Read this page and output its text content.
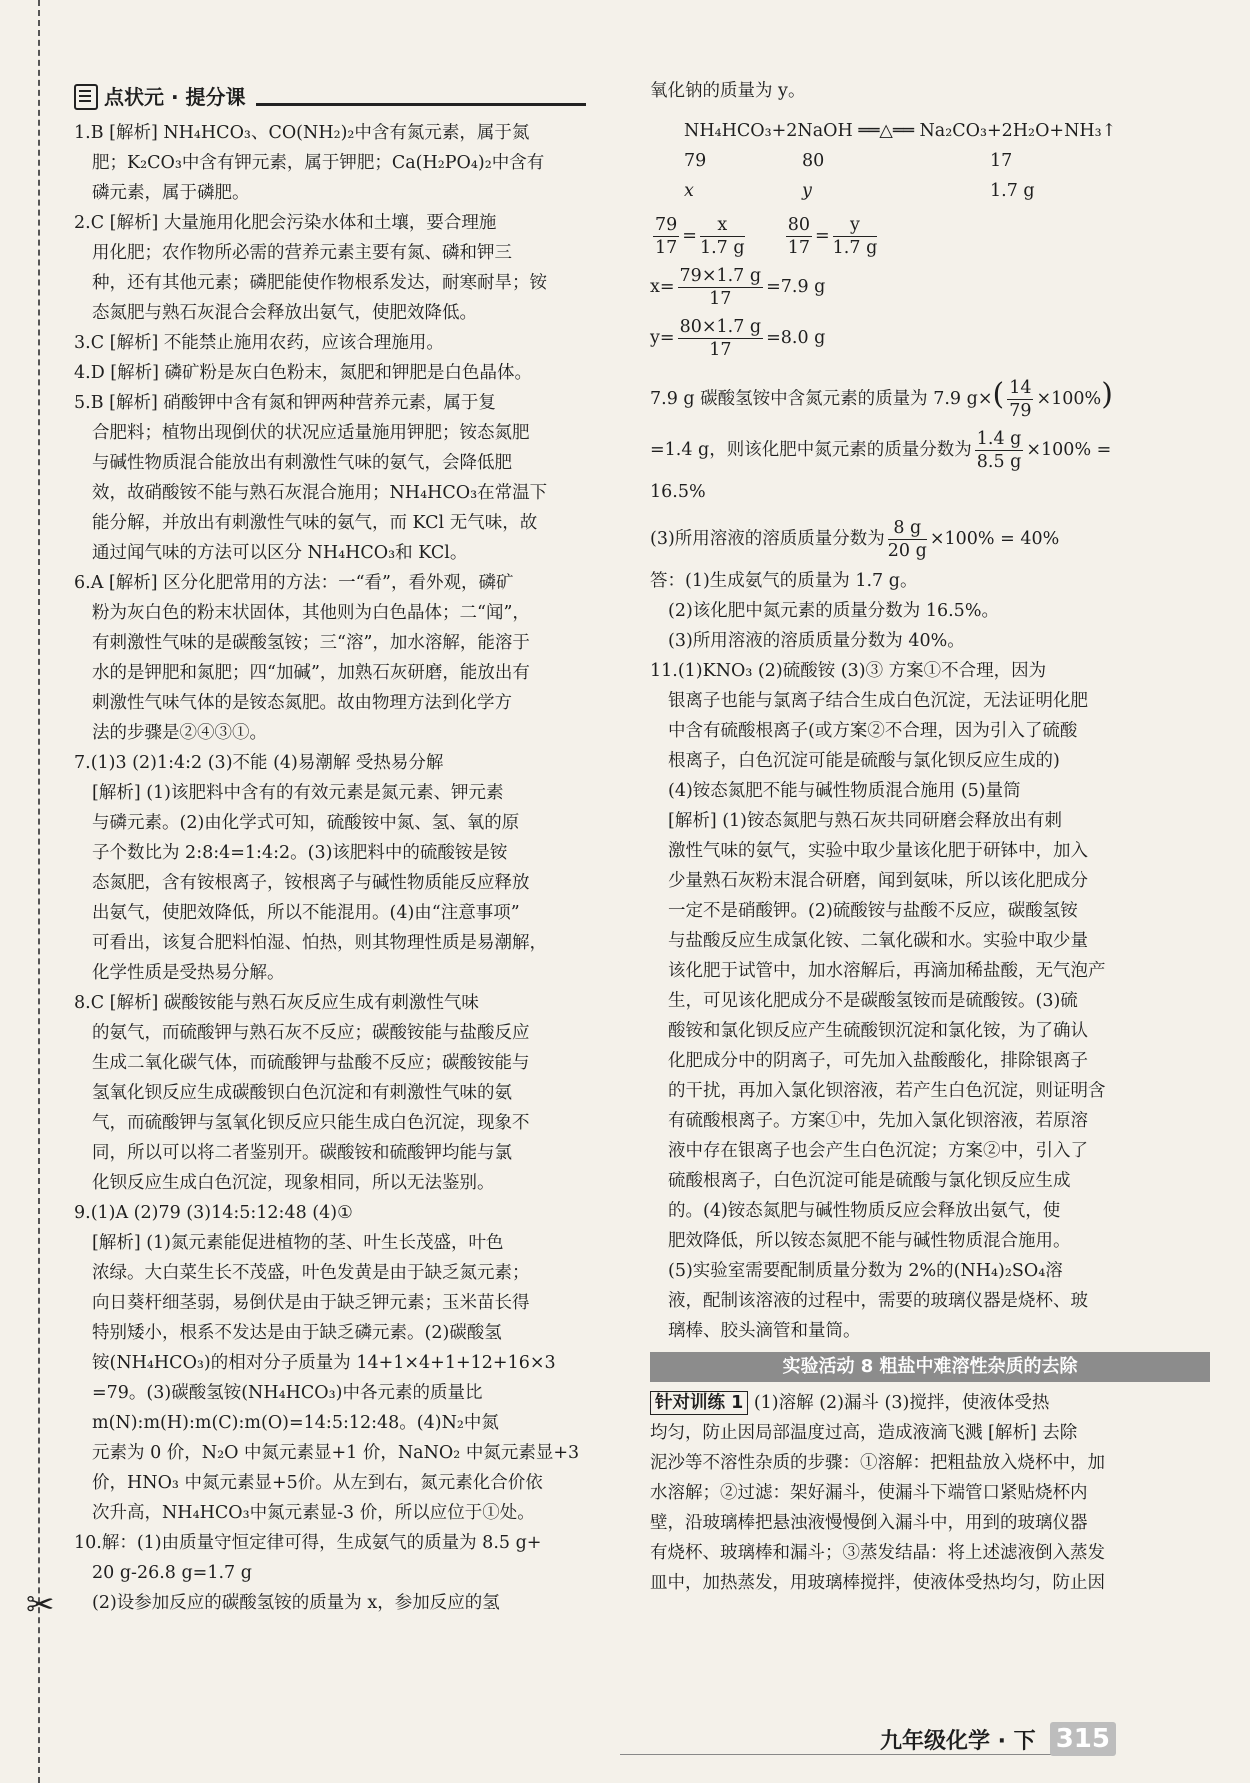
✂
点状元 · 提分课

1.B [解析] NH₄HCO₃、CO(NH₂)₂中含有氮元素，属于氮

肥；K₂CO₃中含有钾元素，属于钾肥；Ca(H₂PO₄)₂中含有

磷元素，属于磷肥。

2.C [解析] 大量施用化肥会污染水体和土壤，要合理施

用化肥；农作物所必需的营养元素主要有氮、磷和钾三

种，还有其他元素；磷肥能使作物根系发达，耐寒耐旱；铵

态氮肥与熟石灰混合会释放出氨气，使肥效降低。

3.C [解析] 不能禁止施用农药，应该合理施用。

4.D [解析] 磷矿粉是灰白色粉末，氮肥和钾肥是白色晶体。

5.B [解析] 硝酸钾中含有氮和钾两种营养元素，属于复

合肥料；植物出现倒伏的状况应适量施用钾肥；铵态氮肥

与碱性物质混合能放出有刺激性气味的氨气，会降低肥

效，故硝酸铵不能与熟石灰混合施用；NH₄HCO₃在常温下

能分解，并放出有刺激性气味的氨气，而 KCl 无气味，故

通过闻气味的方法可以区分 NH₄HCO₃和 KCl。

6.A [解析] 区分化肥常用的方法：一“看”，看外观，磷矿

粉为灰白色的粉末状固体，其他则为白色晶体；二“闻”，

有刺激性气味的是碳酸氢铵；三“溶”，加水溶解，能溶于

水的是钾肥和氮肥；四“加碱”，加熟石灰研磨，能放出有

刺激性气味气体的是铵态氮肥。故由物理方法到化学方

法的步骤是②④③①。

7.(1)3 (2)1:4:2 (3)不能 (4)易潮解 受热易分解

[解析] (1)该肥料中含有的有效元素是氮元素、钾元素

与磷元素。(2)由化学式可知，硫酸铵中氮、氢、氧的原

子个数比为 2:8:4=1:4:2。(3)该肥料中的硫酸铵是铵

态氮肥，含有铵根离子，铵根离子与碱性物质能反应释放

出氨气，使肥效降低，所以不能混用。(4)由“注意事项”

可看出，该复合肥料怕湿、怕热，则其物理性质是易潮解，

化学性质是受热易分解。

8.C [解析] 碳酸铵能与熟石灰反应生成有刺激性气味

的氨气，而硫酸钾与熟石灰不反应；碳酸铵能与盐酸反应

生成二氧化碳气体，而硫酸钾与盐酸不反应；碳酸铵能与

氢氧化钡反应生成碳酸钡白色沉淀和有刺激性气味的氨

气，而硫酸钾与氢氧化钡反应只能生成白色沉淀，现象不

同，所以可以将二者鉴别开。碳酸铵和硫酸钾均能与氯

化钡反应生成白色沉淀，现象相同，所以无法鉴别。

9.(1)A (2)79 (3)14:5:12:48 (4)①

[解析] (1)氮元素能促进植物的茎、叶生长茂盛，叶色

浓绿。大白菜生长不茂盛，叶色发黄是由于缺乏氮元素；

向日葵杆细茎弱，易倒伏是由于缺乏钾元素；玉米苗长得

特别矮小，根系不发达是由于缺乏磷元素。(2)碳酸氢

铵(NH₄HCO₃)的相对分子质量为 14+1×4+1+12+16×3

=79。(3)碳酸氢铵(NH₄HCO₃)中各元素的质量比

m(N):m(H):m(C):m(O)=14:5:12:48。(4)N₂中氮

元素为 0 价，N₂O 中氮元素显+1 价，NaNO₂ 中氮元素显+3

价，HNO₃ 中氮元素显+5价。从左到右，氮元素化合价依

次升高，NH₄HCO₃中氮元素显-3 价，所以应位于①处。

10.解：(1)由质量守恒定律可得，生成氨气的质量为 8.5 g+

20 g-26.8 g=1.7 g

(2)设参加反应的碳酸氢铵的质量为 x，参加反应的氢

氧化钠的质量为 y。

NH₄HCO₃+2NaOH ══△══ Na₂CO₃+2H₂O+NH₃↑

79	80	17
x	y	1.7 g
$\frac{79}{17} = \frac{x}{1.7 g}$
$\frac{80}{17} = \frac{y}{1.7 g}$
$x= \frac{79\times 1.7 g}{17} =7.9$ g
$y= \frac{80\times 1.7 g}{17} =8.0$ g
7.9 g 碳酸氢铵中含氮元素的质量为 7.9 $g\times( \frac{14}{79} \times 100\%)$
=1.4 g，则该化肥中氮元素的质量分数为 $\frac{1.4 g}{8.5 g} \times 100\%$ =

16.5%

(3)所用溶液的溶质质量分数为 $\frac{8 g}{20 g} \times 100\% = 40\%$

答：(1)生成氨气的质量为 1.7 g。

(2)该化肥中氮元素的质量分数为 16.5%。

(3)所用溶液的溶质质量分数为 40%。

11.(1)KNO₃ (2)硫酸铵 (3)③ 方案①不合理，因为

银离子也能与氯离子结合生成白色沉淀，无法证明化肥

中含有硫酸根离子(或方案②不合理，因为引入了硫酸

根离子，白色沉淀可能是硫酸与氯化钡反应生成的)

(4)铵态氮肥不能与碱性物质混合施用 (5)量筒

[解析] (1)铵态氮肥与熟石灰共同研磨会释放出有刺

激性气味的氨气，实验中取少量该化肥于研钵中，加入

少量熟石灰粉末混合研磨，闻到氨味，所以该化肥成分

一定不是硝酸钾。(2)硫酸铵与盐酸不反应，碳酸氢铵

与盐酸反应生成氯化铵、二氧化碳和水。实验中取少量

该化肥于试管中，加水溶解后，再滴加稀盐酸，无气泡产

生，可见该化肥成分不是碳酸氢铵而是硫酸铵。(3)硫

酸铵和氯化钡反应产生硫酸钡沉淀和氯化铵，为了确认

化肥成分中的阴离子，可先加入盐酸酸化，排除银离子

的干扰，再加入氯化钡溶液，若产生白色沉淀，则证明含

有硫酸根离子。方案①中，先加入氯化钡溶液，若原溶

液中存在银离子也会产生白色沉淀；方案②中，引入了

硫酸根离子，白色沉淀可能是硫酸与氯化钡反应生成

的。(4)铵态氮肥与碱性物质反应会释放出氨气，使

肥效降低，所以铵态氮肥不能与碱性物质混合施用。

(5)实验室需要配制质量分数为 2%的(NH₄)₂SO₄溶

液，配制该溶液的过程中，需要的玻璃仪器是烧杯、玻

璃棒、胶头滴管和量筒。

实验活动 8 粗盐中难溶性杂质的去除

针对训练 1 (1)溶解 (2)漏斗 (3)搅拌，使液体受热

均匀，防止因局部温度过高，造成液滴飞溅 [解析] 去除

泥沙等不溶性杂质的步骤：①溶解：把粗盐放入烧杯中，加

水溶解；②过滤：架好漏斗，使漏斗下端管口紧贴烧杯内

壁，沿玻璃棒把悬浊液慢慢倒入漏斗中，用到的玻璃仪器

有烧杯、玻璃棒和漏斗；③蒸发结晶：将上述滤液倒入蒸发

皿中，加热蒸发，用玻璃棒搅拌，使液体受热均匀，防止因

九年级化学 · 下 315
